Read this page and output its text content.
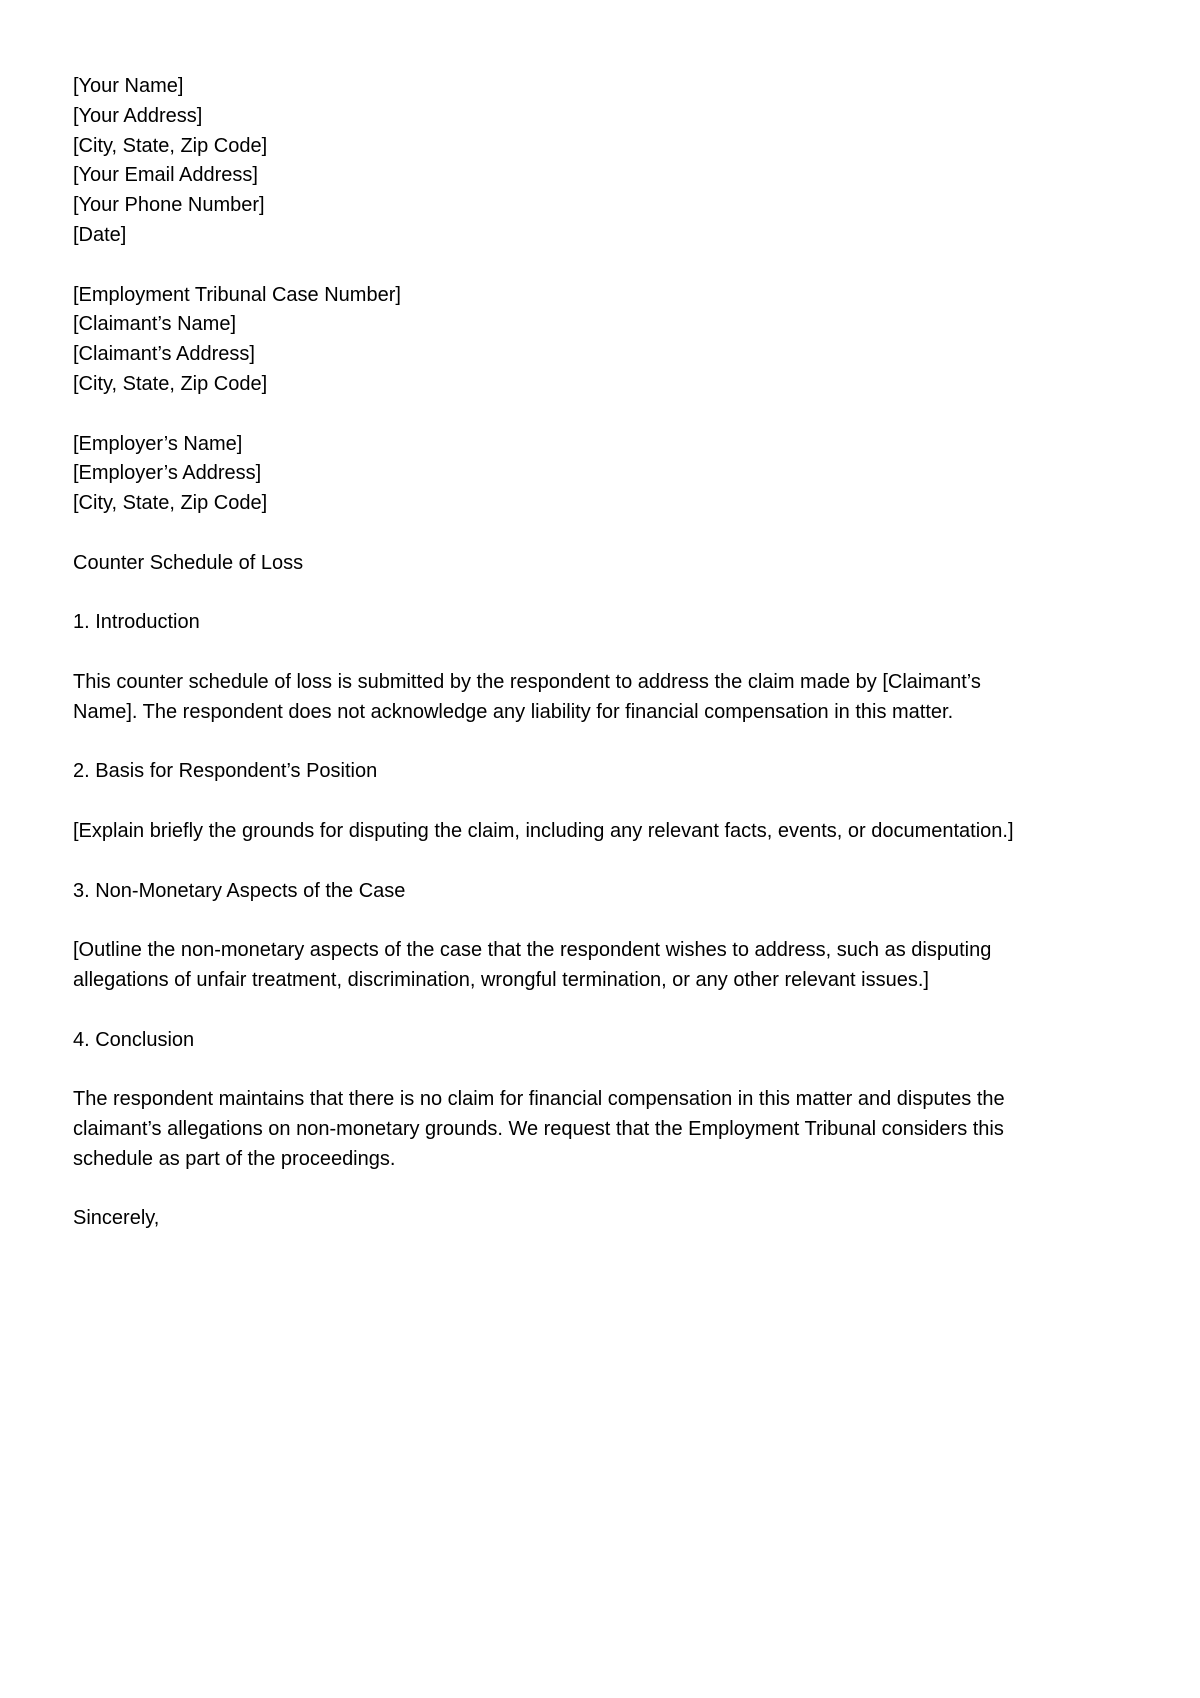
[Your Name]
[Your Address]
[City, State, Zip Code]
[Your Email Address]
[Your Phone Number]
[Date]
[Employment Tribunal Case Number]
[Claimant’s Name]
[Claimant’s Address]
[City, State, Zip Code]
[Employer’s Name]
[Employer’s Address]
[City, State, Zip Code]
Counter Schedule of Loss
1. Introduction
This counter schedule of loss is submitted by the respondent to address the claim made by [Claimant’s
Name]. The respondent does not acknowledge any liability for financial compensation in this matter.
2. Basis for Respondent’s Position
[Explain briefly the grounds for disputing the claim, including any relevant facts, events, or documentation.]
3. Non-Monetary Aspects of the Case
[Outline the non-monetary aspects of the case that the respondent wishes to address, such as disputing
allegations of unfair treatment, discrimination, wrongful termination, or any other relevant issues.]
4. Conclusion
The respondent maintains that there is no claim for financial compensation in this matter and disputes the
claimant’s allegations on non-monetary grounds. We request that the Employment Tribunal considers this
schedule as part of the proceedings.
Sincerely,
